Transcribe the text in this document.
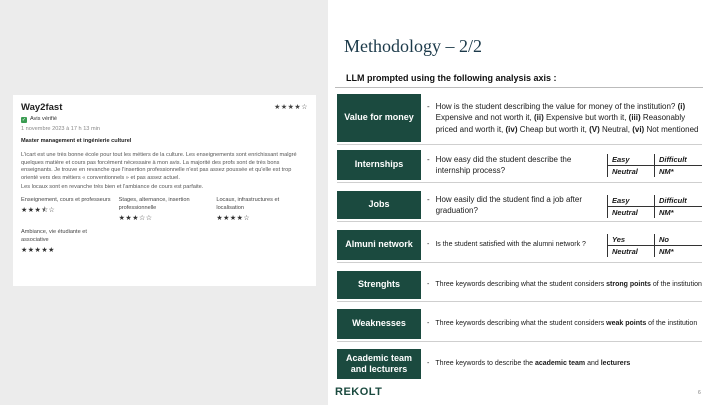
Way2fast	★★★★☆
✓ Avis vérifié
1 novembre 2023 à 17 h 13 min
Master management et ingénierie culturel

L'icart est une très bonne école pour tout les métiers de la culture. Les enseignements sont enrichissant malgré quelques matière et cours pas forcément nécessaire à mon avis. La majorité des profs sont de très bons enseignants. Je trouve en revanche que l'insertion professionnelle n'est pas assez poussée et qu'elle est trop orienté vers des métiers « conventionnels » et pas assez actuel.

Les locaux sont en revanche très bien et l'ambiance de cours est parfaite.

Enseignement, cours et professeurs
★★★⯪☆
Stages, alternance, insertion professionnelle
★★★☆☆
Locaux, infrastructures et localisation
★★★★☆
Ambiance, vie étudiante et associative
★★★★★
Methodology – 2/2
LLM prompted using the following analysis axis :
Value for money
- How is the student describing the value for money of the institution? (i) Expensive and not worth it, (ii) Expensive but worth it, (iii) Reasonably priced and worth it, (iv) Cheap but worth it, (V) Neutral, (vi) Not mentioned
Internships
- How easy did the student describe the internship process?
Easy	Difficult
Neutral	NM*
Jobs
- How easily did the student find a job after graduation?
Easy	Difficult
Neutral	NM*
Almuni network	- Is the student satisfied with the alumni network ?
Yes	No
Neutral	NM*
Strenghts	- Three keywords describing what the student considers strong points of the institution
Weaknesses	- Three keywords describing what the student considers weak points of the institution
Academic team and lecturers
- Three keywords to describe the academic team and lecturers
REKOLT	6
